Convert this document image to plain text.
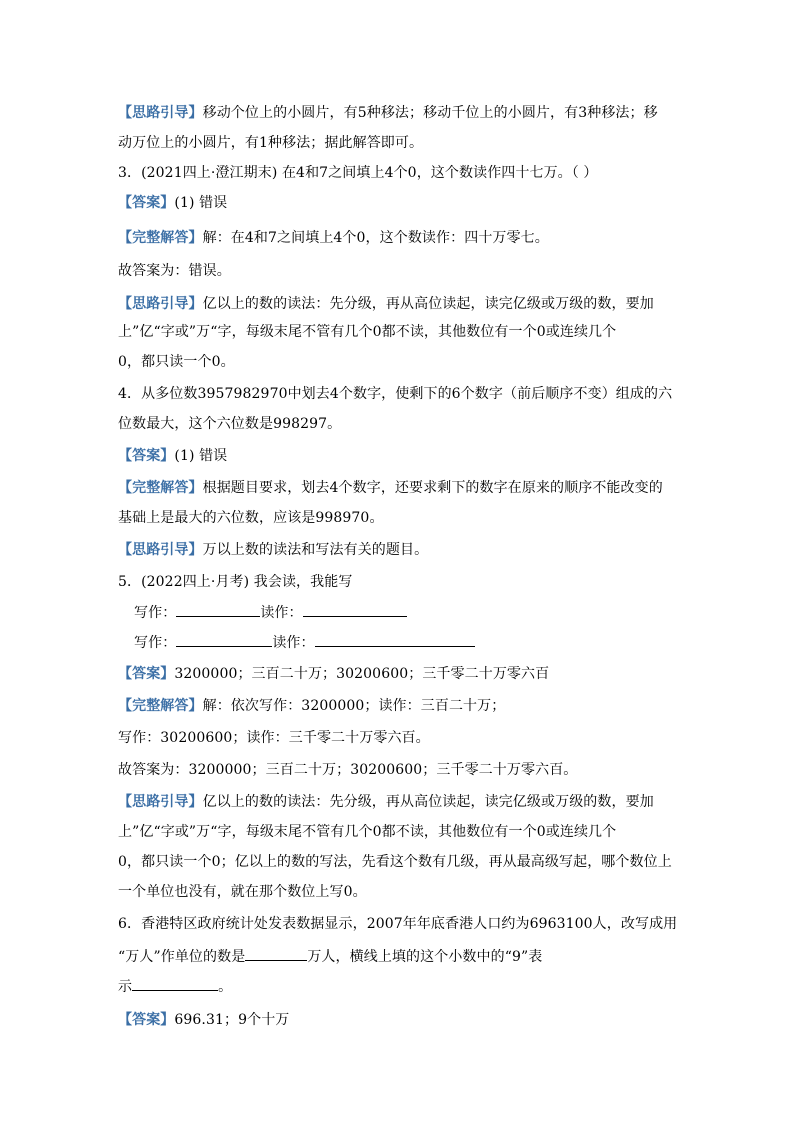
【思路引导】移动个位上的小圆片，有5种移法；移动千位上的小圆片，有3种移法；移
动万位上的小圆片，有1种移法；据此解答即可。
3．(2021四上·澄江期末) 在4和7之间填上4个0，这个数读作四十七万。（ ）
【答案】(1) 错误
【完整解答】解：在4和7之间填上4个0，这个数读作：四十万零七。
故答案为：错误。
【思路引导】亿以上的数的读法：先分级，再从高位读起，读完亿级或万级的数，要加
上”亿“字或”万“字，每级末尾不管有几个0都不读，其他数位有一个0或连续几个
0，都只读一个0。
4．从多位数3957982970中划去4个数字，使剩下的6个数字（前后顺序不变）组成的六
位数最大，这个六位数是998297。
【答案】(1) 错误
【完整解答】根据题目要求，划去4个数字，还要求剩下的数字在原来的顺序不能改变的
基础上是最大的六位数，应该是998970。
【思路引导】万以上数的读法和写法有关的题目。
5．(2022四上·月考) 我会读，我能写
写作：	读作：
写作：	读作：
【答案】3200000；三百二十万；30200600；三千零二十万零六百
【完整解答】解：依次写作：3200000；读作：三百二十万；
写作：30200600；读作：三千零二十万零六百。
故答案为：3200000；三百二十万；30200600；三千零二十万零六百。
【思路引导】亿以上的数的读法：先分级，再从高位读起，读完亿级或万级的数，要加
上”亿“字或”万“字，每级末尾不管有几个0都不读，其他数位有一个0或连续几个
0，都只读一个0；亿以上的数的写法，先看这个数有几级，再从最高级写起，哪个数位上
一个单位也没有，就在那个数位上写0。
6．香港特区政府统计处发表数据显示，2007年年底香港人口约为6963100人，改写成用
“万人”作单位的数是	万人，横线上填的这个小数中的“9”表
示	。
【答案】696.31；9个十万
